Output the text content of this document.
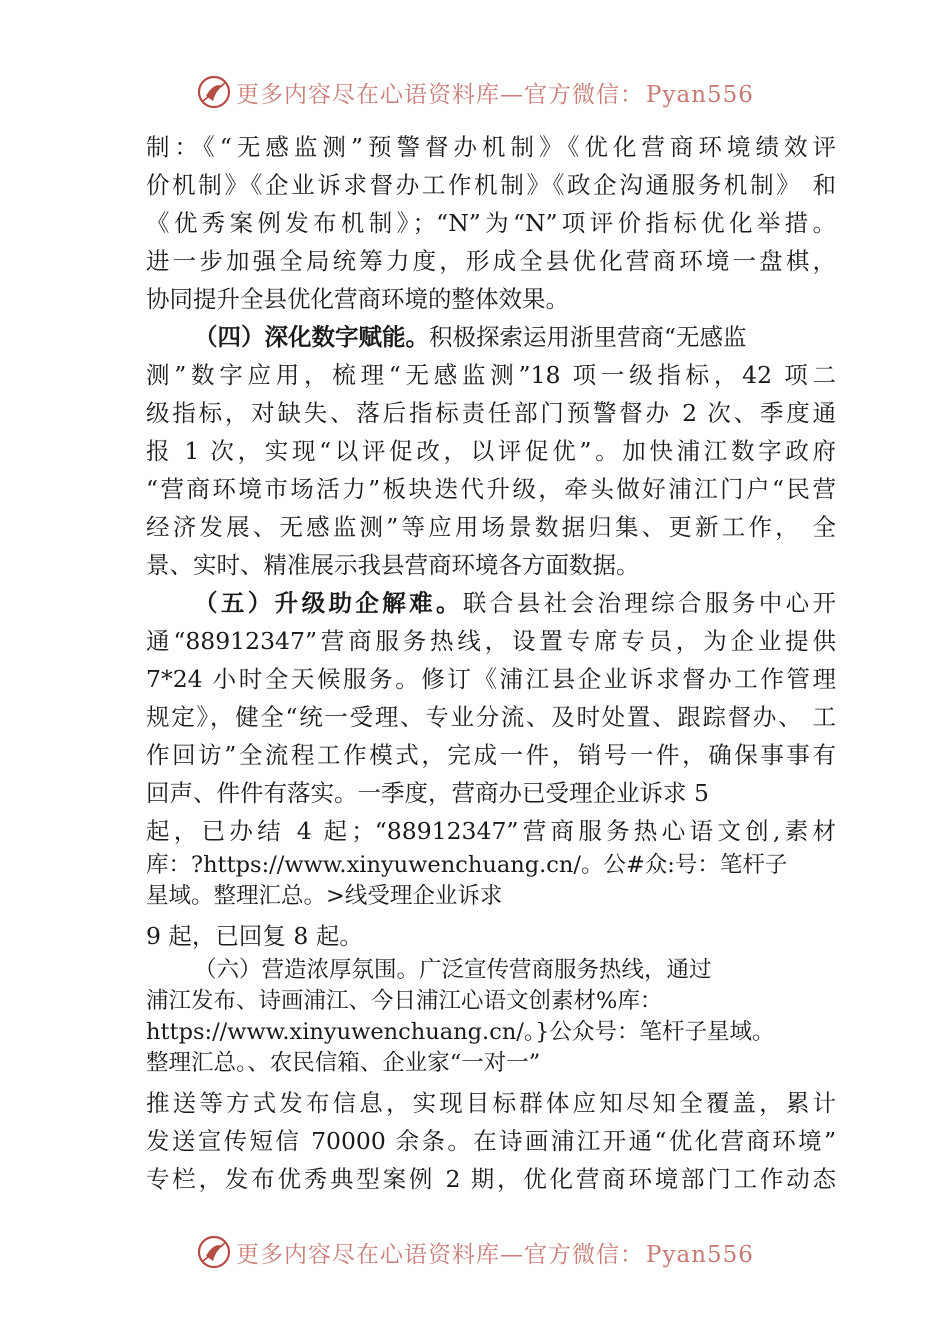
更多内容尽在心语资料库—官方微信：Pyan556

制：《“无感监测”预警督办机制》《优化营商环境绩效评
价机制》《企业诉求督办工作机制》《政企沟通服务机制》 和
《优秀案例发布机制》；“N”为“N”项评价指标优化举措。
进一步加强全局统筹力度，形成全县优化营商环境一盘棋，
协同提升全县优化营商环境的整体效果。

（四）深化数字赋能。积极探索运用浙里营商“无感监
测”数字应用，梳理“无感监测”18 项一级指标，42 项二
级指标，对缺失、落后指标责任部门预警督办 2 次、季度通
报 1 次，实现“以评促改，以评促优”。加快浦江数字政府
“营商环境市场活力”板块迭代升级，牵头做好浦江门户“民营
经济发展、无感监测”等应用场景数据归集、更新工作， 全
景、实时、精准展示我县营商环境各方面数据。

（五）升级助企解难。联合县社会治理综合服务中心开
通“88912347”营商服务热线，设置专席专员，为企业提供
7*24 小时全天候服务。修订《浦江县企业诉求督办工作管理
规定》，健全“统一受理、专业分流、及时处置、跟踪督办、 工
作回访”全流程工作模式，完成一件，销号一件，确保事事有
回声、件件有落实。一季度，营商办已受理企业诉求 5
起，已办结 4 起；“88912347”营商服务热心语文创,素材

库：?https://www.xinyuwenchuang.cn/。公#众:号：笔杆子
星域。整理汇总。>线受理企业诉求

9 起，已回复 8 起。

（六）营造浓厚氛围。广泛宣传营商服务热线，通过
浦江发布、诗画浦江、今日浦江心语文创素材%库：
https://www.xinyuwenchuang.cn/。}公众号：笔杆子星域。
整理汇总。、农民信箱、企业家“一对一”

推送等方式发布信息，实现目标群体应知尽知全覆盖，累计
发送宣传短信 70000 余条。在诗画浦江开通“优化营商环境”
专栏，发布优秀典型案例 2 期，优化营商环境部门工作动态

更多内容尽在心语资料库—官方微信：Pyan556
